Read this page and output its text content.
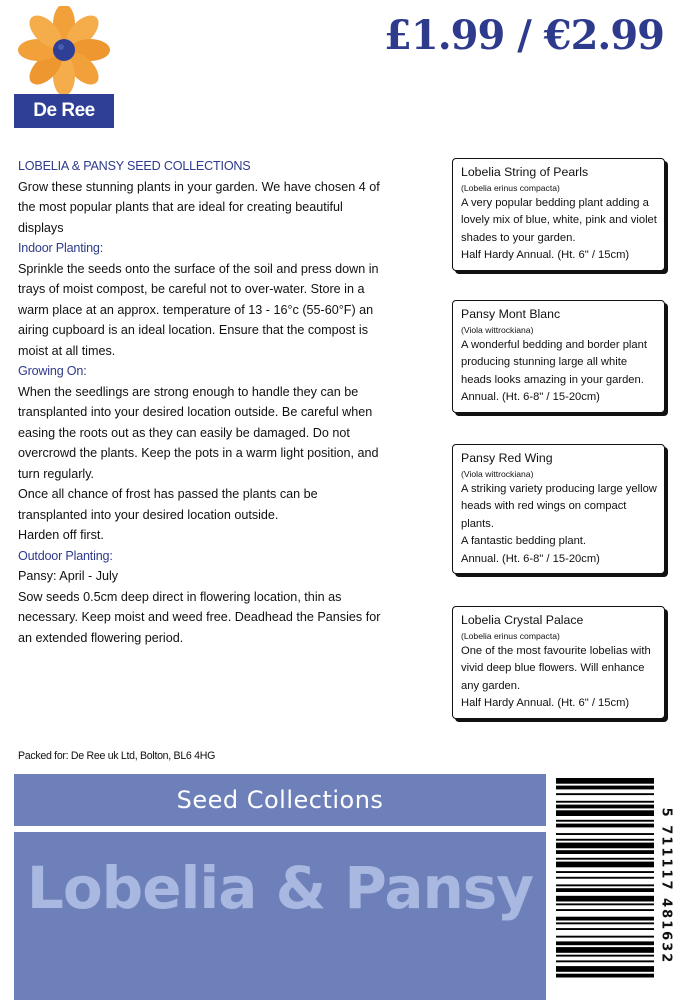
De Ree
£1.99 / €2.99

LOBELIA & PANSY SEED COLLECTIONS

Grow these stunning plants in your garden. We have chosen 4 of the most popular plants that are ideal for creating beautiful displays

Indoor Planting:

Sprinkle the seeds onto the surface of the soil and press down in trays of moist compost, be careful not to over-water. Store in a warm place at an approx. temperature of 13 - 16°c (55-60°F) an airing cupboard is an ideal location. Ensure that the compost is moist at all times.

Growing On:

When the seedlings are strong enough to handle they can be transplanted into your desired location outside. Be careful when easing the roots out as they can easily be damaged. Do not overcrowd the plants. Keep the pots in a warm light position, and turn regularly.

Once all chance of frost has passed the plants can be transplanted into your desired location outside.

Harden off first.

Outdoor Planting:

Pansy: April - July

Sow seeds 0.5cm deep direct in flowering location, thin as necessary. Keep moist and weed free. Deadhead the Pansies for an extended flowering period.

Lobelia String of Pearls
(Lobelia erinus compacta)
A very popular bedding plant adding a lovely mix of blue, white, pink and violet shades to your garden.
Half Hardy Annual. (Ht. 6" / 15cm)
Pansy Mont Blanc
(Viola wittrockiana)
A wonderful bedding and border plant producing stunning large all white heads looks amazing in your garden.
Annual. (Ht. 6-8" / 15-20cm)
Pansy Red Wing
(Viola wittrockiana)
A striking variety producing large yellow heads with red wings on compact plants.
A fantastic bedding plant.
Annual. (Ht. 6-8" / 15-20cm)
Lobelia Crystal Palace
(Lobelia erinus compacta)
One of the most favourite lobelias with vivid deep blue flowers. Will enhance any garden.
Half Hardy Annual. (Ht. 6" / 15cm)
Packed for: De Ree uk Ltd, Bolton, BL6 4HG
Seed Collections
Lobelia & Pansy	5 711117 481632
